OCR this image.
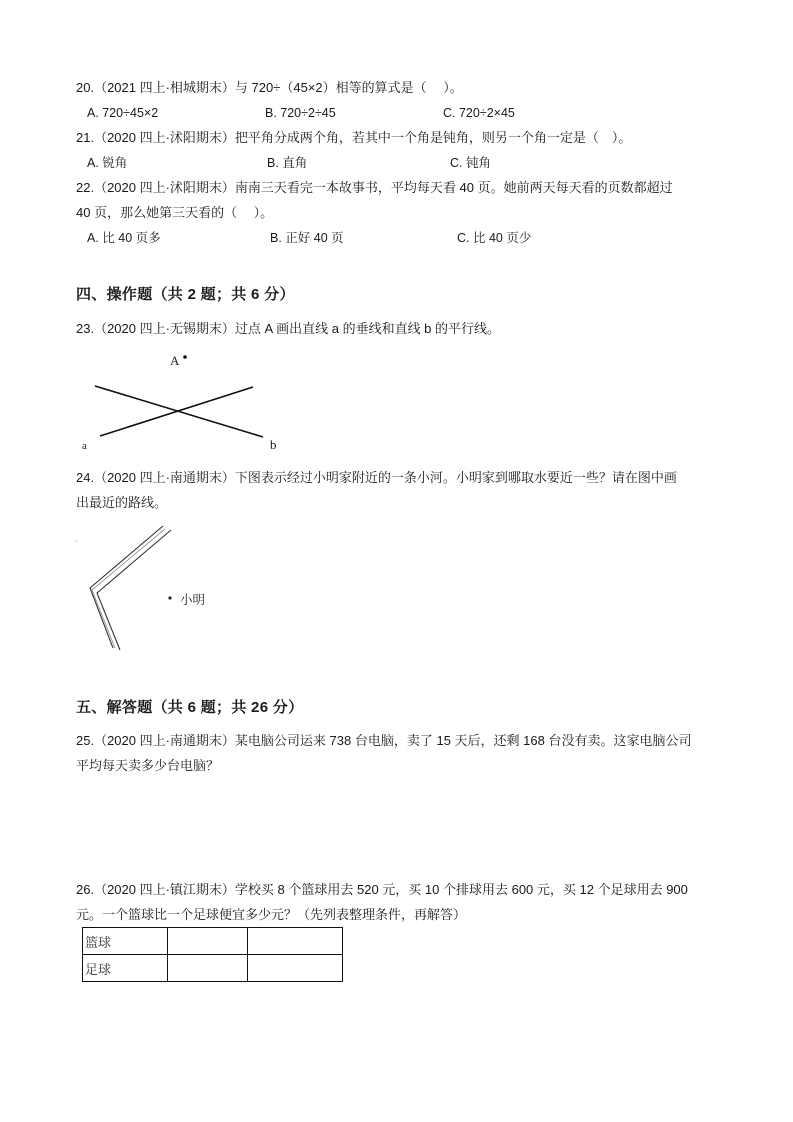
20.（2021 四上·相城期末）与 720÷（45×2）相等的算式是（　 ）。
A. 720÷45×2	B. 720÷2÷45	C. 720÷2×45
21.（2020 四上·沭阳期末）把平角分成两个角，若其中一个角是钝角，则另一个角一定是（　）。
A. 锐角	B. 直角	C. 钝角
22.（2020 四上·沭阳期末）南南三天看完一本故事书，平均每天看 40 页。她前两天每天看的页数都超过
40 页，那么她第三天看的（　 ）。
A. 比 40 页多	B. 正好 40 页	C. 比 40 页少
四、操作题（共 2 题；共 6 分）
23.（2020 四上·无锡期末）过点 A 画出直线 a 的垂线和直线 b 的平行线。
A
a	b
24.（2020 四上·南通期末）下图表示经过小明家附近的一条小河。小明家到哪取水要近一些？请在图中画
出最近的路线。
小明
五、解答题（共 6 题；共 26 分）
25.（2020 四上·南通期末）某电脑公司运来 738 台电脑，卖了 15 天后，还剩 168 台没有卖。这家电脑公司
平均每天卖多少台电脑？
26.（2020 四上·镇江期末）学校买 8 个篮球用去 520 元，买 10 个排球用去 600 元，买 12 个足球用去 900
元。一个篮球比一个足球便宜多少元？（先列表整理条件，再解答）
篮球		
足球		
